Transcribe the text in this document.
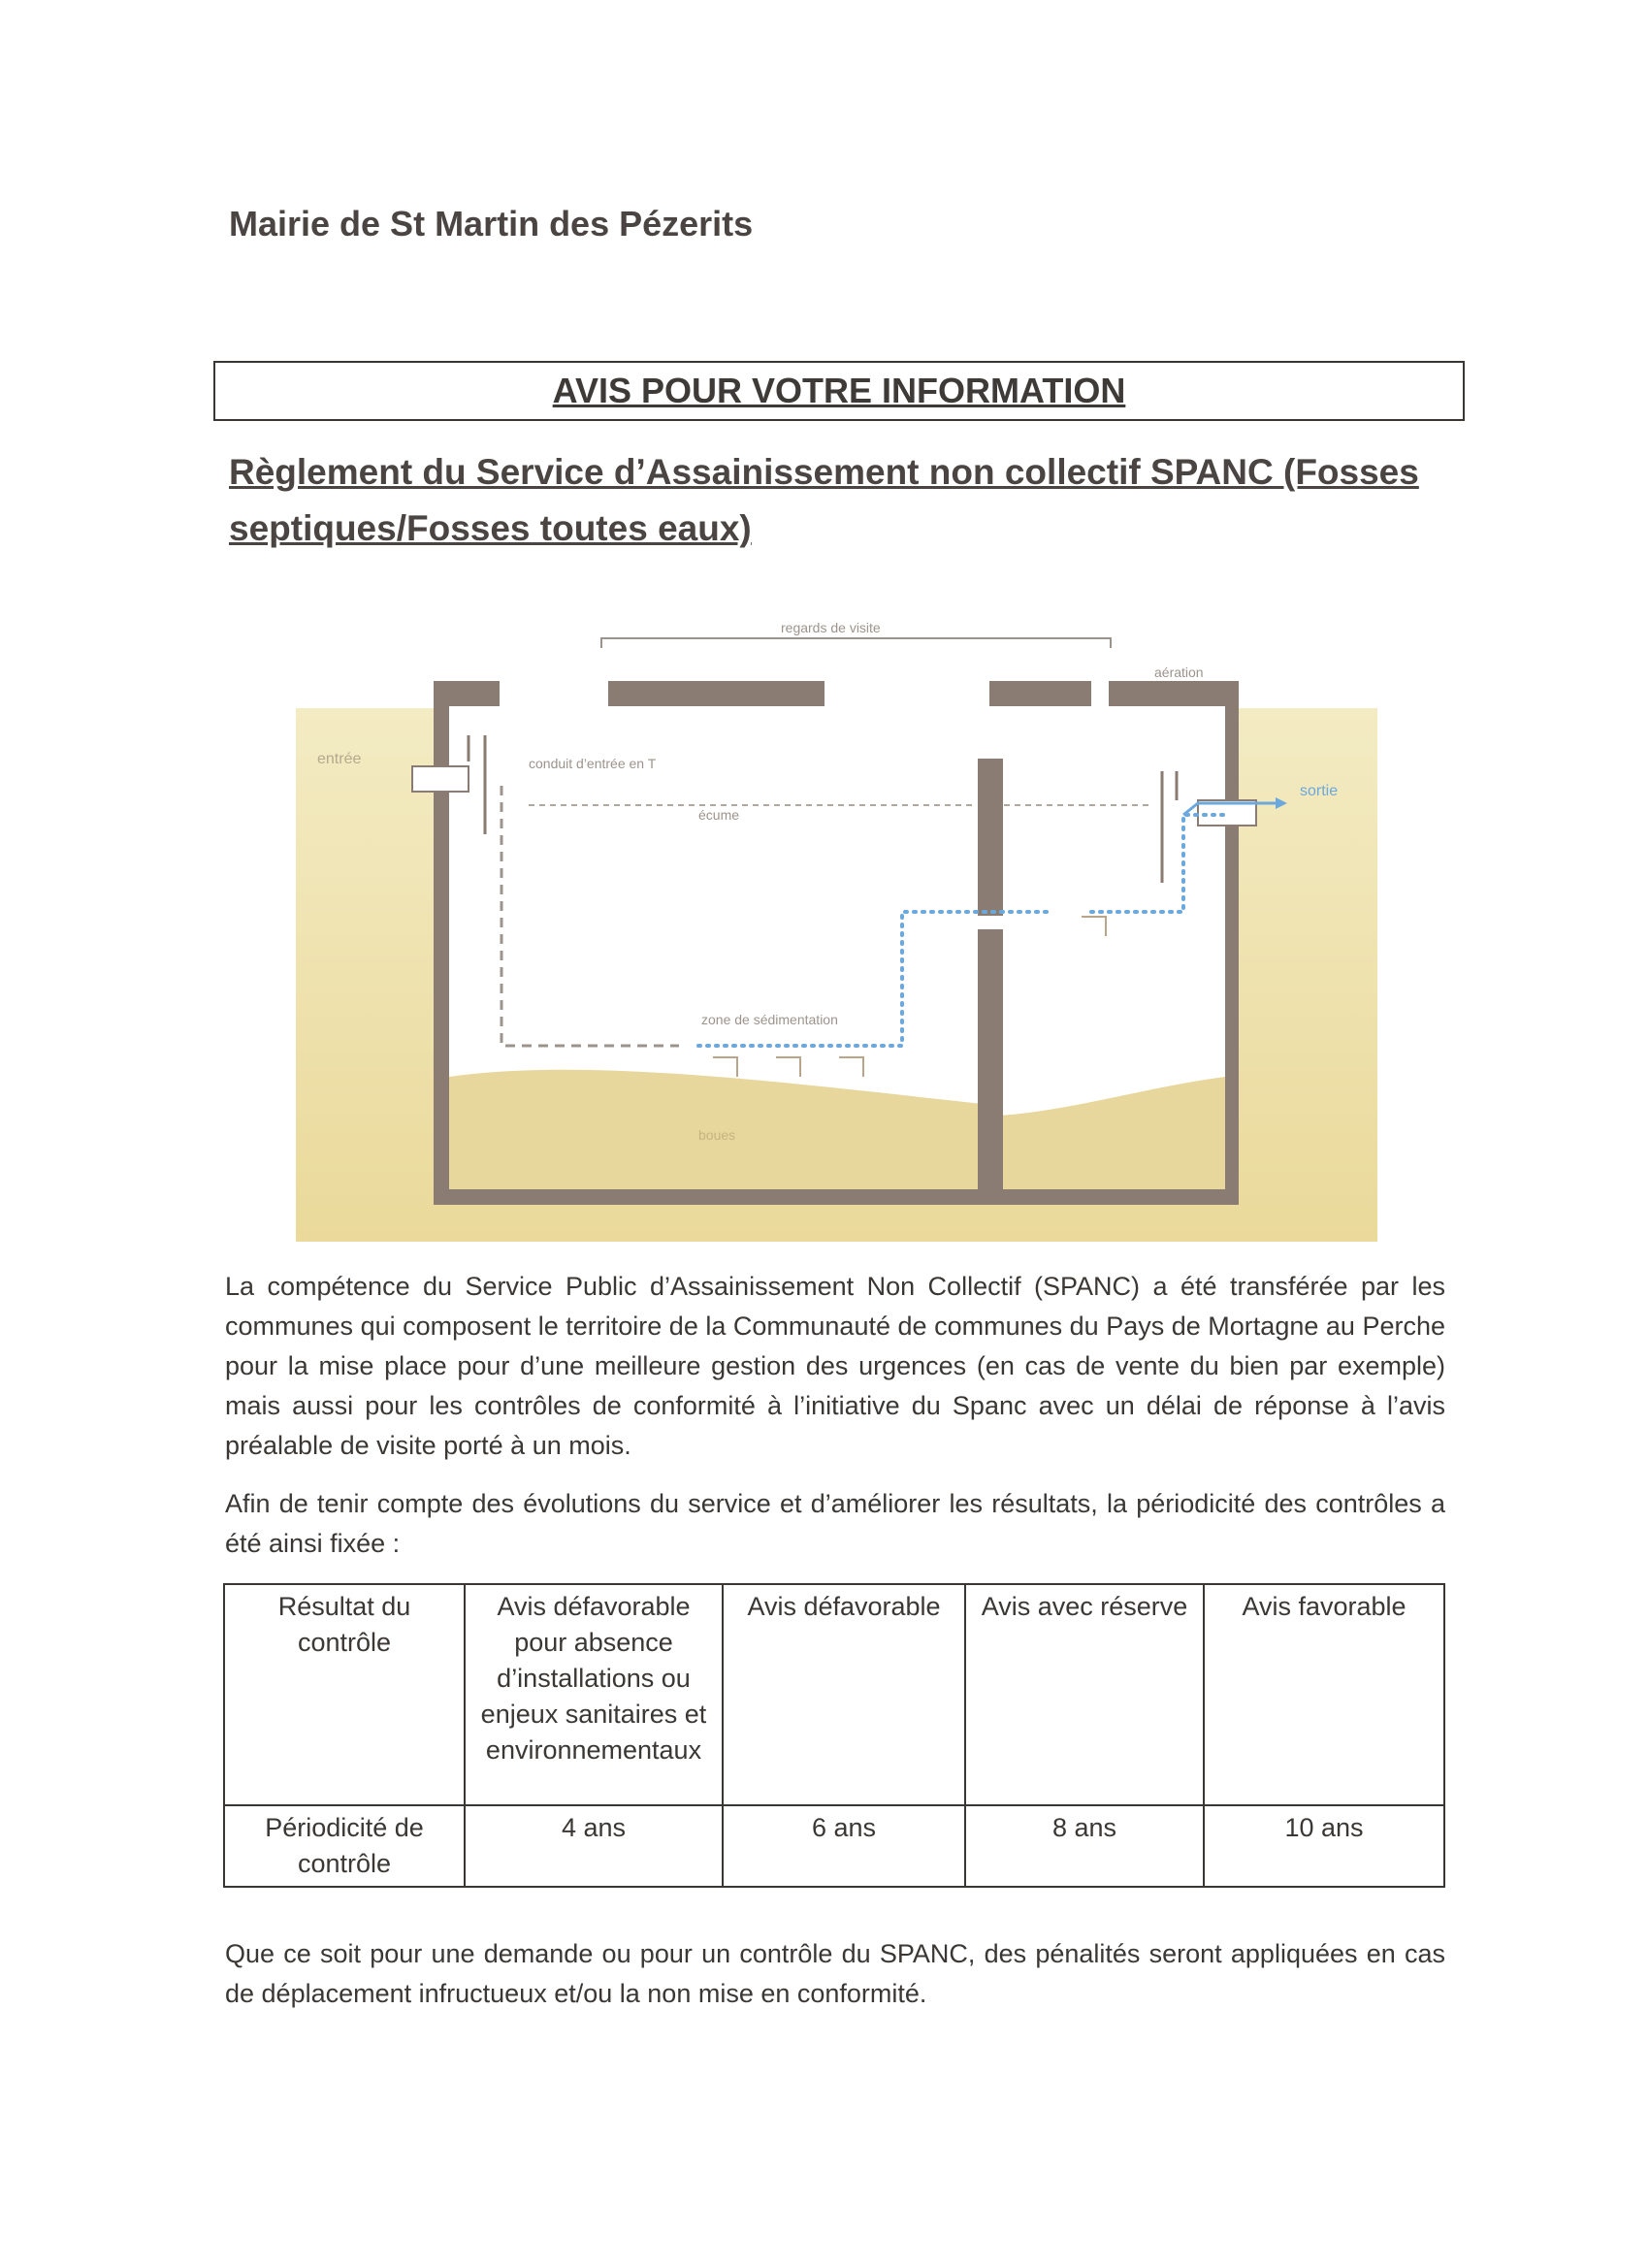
Mairie de St Martin des Pézerits
AVIS POUR VOTRE INFORMATION
Règlement du Service d’Assainissement non collectif SPANC (Fosses septiques/Fosses toutes eaux)
regards de visite
aération
entrée
sortie
conduit d’entrée en T
écume
zone de sédimentation
boues

La compétence du Service Public d’Assainissement Non Collectif (SPANC) a été transférée par les communes qui composent le territoire de la Communauté de communes du Pays de Mortagne au Perche pour la mise place pour d’une meilleure gestion des urgences (en cas de vente du bien par exemple) mais aussi pour les contrôles de conformité à l’initiative du Spanc avec un délai de réponse à l’avis préalable de visite porté à un mois.

Afin de tenir compte des évolutions du service et d’améliorer les résultats, la périodicité des contrôles a été ainsi fixée :

Résultat du contrôle	Avis défavorable pour absence d’installations ou enjeux sanitaires et environnementaux	Avis défavorable	Avis avec réserve	Avis favorable
Périodicité de contrôle	4 ans	6 ans	8 ans	10 ans

Que ce soit pour une demande ou pour un contrôle du SPANC, des pénalités seront appliquées en cas de déplacement infructueux et/ou la non mise en conformité.
